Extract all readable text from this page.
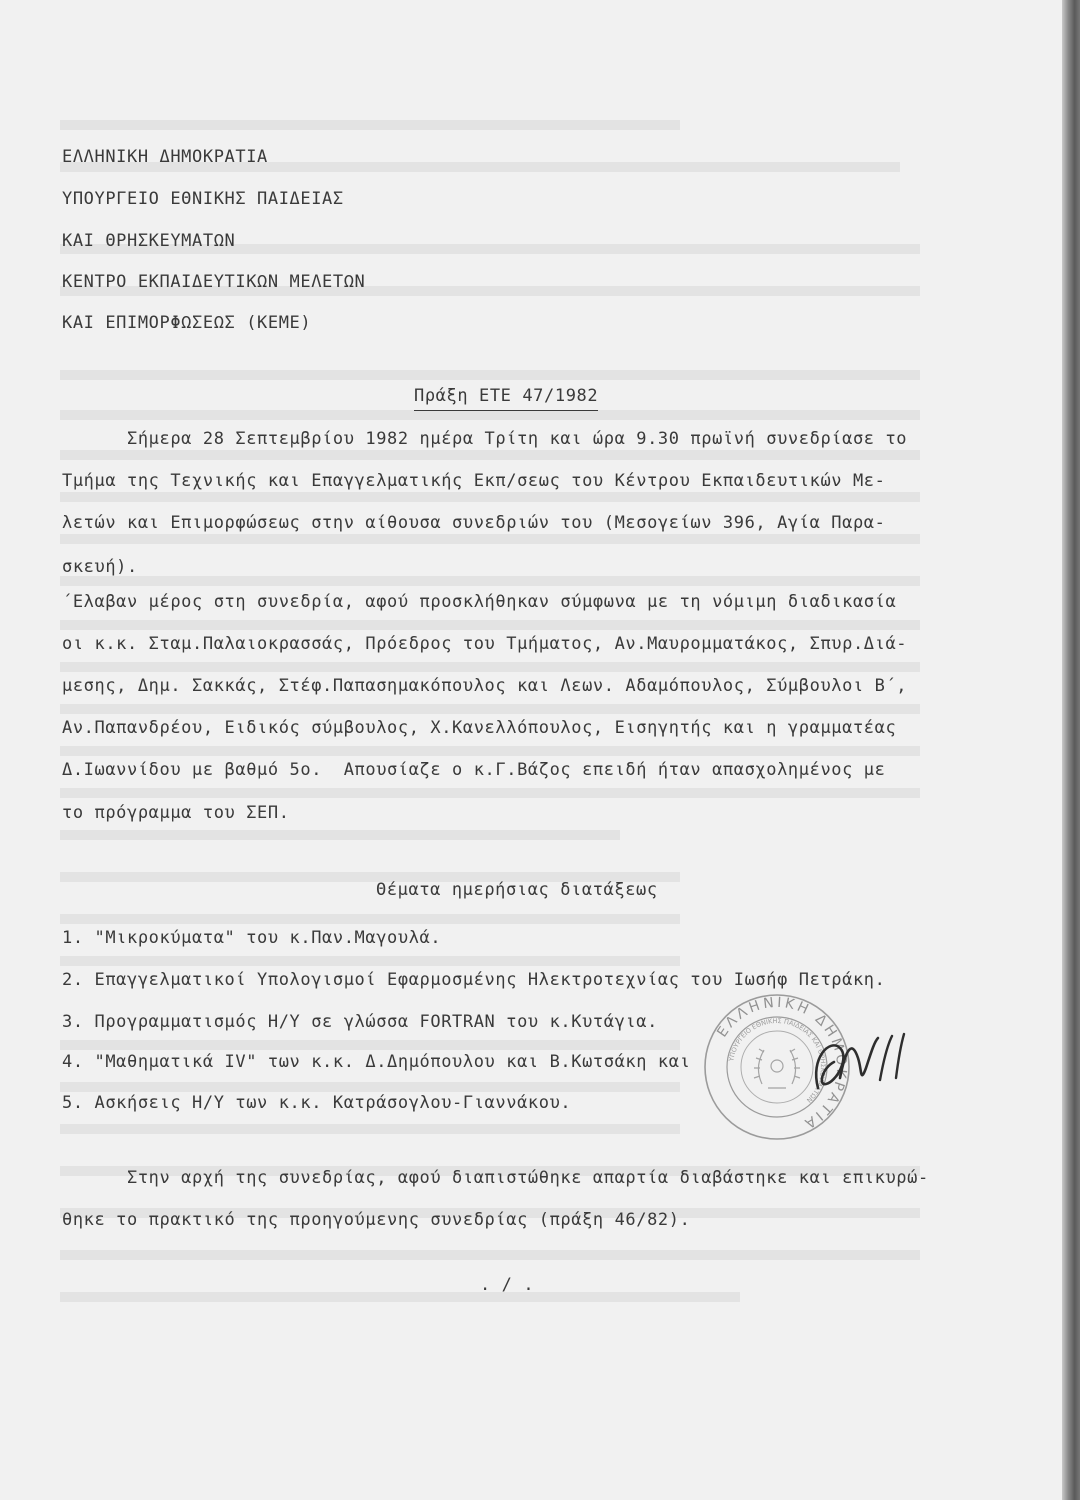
ΕΛΛΗΝΙΚΗ ΔΗΜΟΚΡΑΤΙΑ
ΥΠΟΥΡΓΕΙΟ ΕΘΝΙΚΗΣ ΠΑΙΔΕΙΑΣ
ΚΑΙ ΘΡΗΣΚΕΥΜΑΤΩΝ
ΚΕΝΤΡΟ ΕΚΠΑΙΔΕΥΤΙΚΩΝ ΜΕΛΕΤΩΝ
ΚΑΙ ΕΠΙΜΟΡΦΩΣΕΩΣ (ΚΕΜΕ)
Πράξη ΕΤΕ 47/1982
Σήμερα 28 Σεπτεμβρίου 1982 ημέρα Τρίτη και ώρα 9.30 πρωϊνή συνεδρίασε το
Τμήμα της Τεχνικής και Επαγγελματικής Εκπ/σεως του Κέντρου Εκπαιδευτικών Με-
λετών και Επιμορφώσεως στην αίθουσα συνεδριών του (Μεσογείων 396, Αγία Παρα-
σκευή).
΄Ελαβαν μέρος στη συνεδρία, αφού προσκλήθηκαν σύμφωνα με τη νόμιμη διαδικασία
οι κ.κ. Σταμ.Παλαιοκρασσάς, Πρόεδρος του Τμήματος, Αν.Μαυρομματάκος, Σπυρ.Διά-
μεσης, Δημ. Σακκάς, Στέφ.Παπασημακόπουλος και Λεων. Αδαμόπουλος, Σύμβουλοι Β΄,
Αν.Παπανδρέου, Ειδικός σύμβουλος, Χ.Κανελλόπουλος, Εισηγητής και η γραμματέας
Δ.Ιωαννίδου με βαθμό 5ο.  Απουσίαζε ο κ.Γ.Βάζος επειδή ήταν απασχολημένος με
το πρόγραμμα του ΣΕΠ.
Θέματα ημερήσιας διατάξεως
1. "Μικροκύματα" του κ.Παν.Μαγουλά.
2. Επαγγελματικοί Υπολογισμοί Εφαρμοσμένης Ηλεκτροτεχνίας του Ιωσήφ Πετράκη.
3. Προγραμματισμός Η/Υ σε γλώσσα FORTRAN του κ.Κυτάγια.
4. "Μαθηματικά IV" των κ.κ. Δ.Δημόπουλου και Β.Κωτσάκη και
5. Ασκήσεις Η/Υ των κ.κ. Κατράσογλου-Γιαννάκου.
Στην αρχή της συνεδρίας, αφού διαπιστώθηκε απαρτία διαβάστηκε και επικυρώ-
θηκε το πρακτικό της προηγούμενης συνεδρίας (πράξη 46/82).
. / .
ΕΛΛΗΝΙΚΗ ΔΗΜΟΚΡΑΤΙΑ
ΥΠΟΥΡΓΕΙΟ ΕΘΝΙΚΗΣ ΠΑΙΔΕΙΑΣ ΚΑΙ ΘΡΗΣΚΕΥΜΑΤΩΝ
